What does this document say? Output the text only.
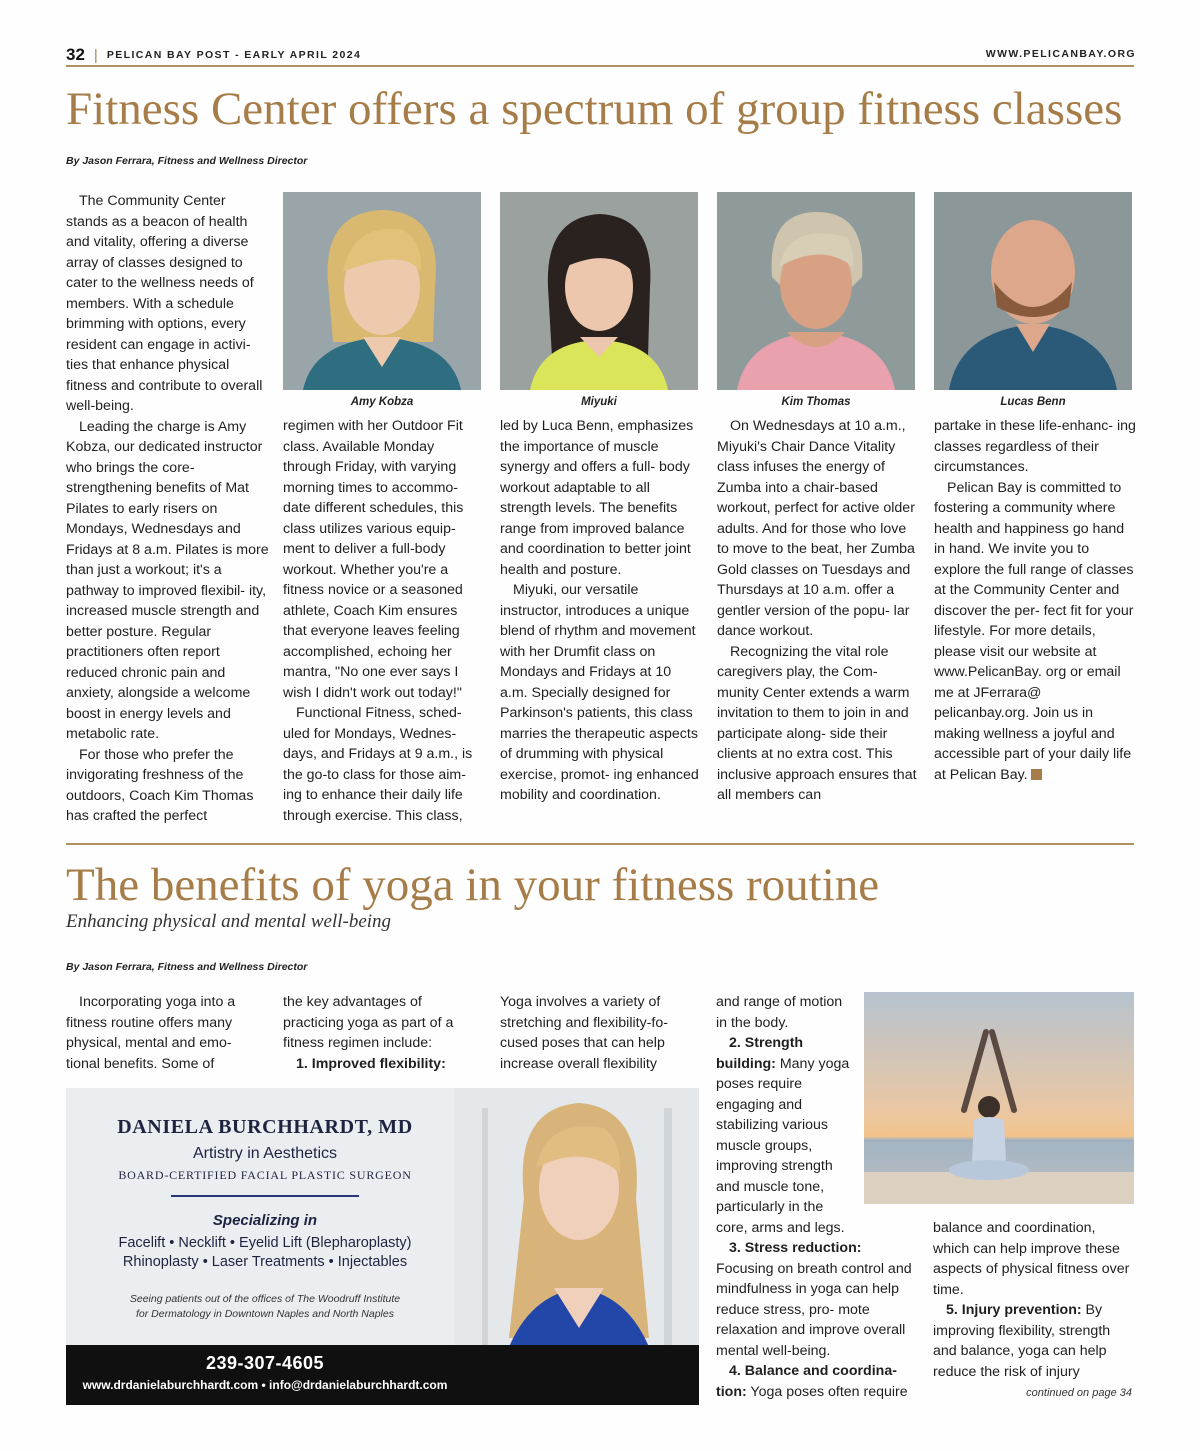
32 | PELICAN BAY POST - EARLY APRIL 2024	WWW.PELICANBAY.ORG
Fitness Center offers a spectrum of group fitness classes
By Jason Ferrara, Fitness and Wellness Director

The Community Center stands as a beacon of health and vitality, offering a diverse array of classes designed to cater to the wellness needs of members. With a schedule brimming with options, every resident can engage in activi- ties that enhance physical fitness and contribute to overall well-being.

Leading the charge is Amy Kobza, our dedicated instructor who brings the core-strengthening benefits of Mat Pilates to early risers on Mondays, Wednesdays and Fridays at 8 a.m. Pilates is more than just a workout; it's a pathway to improved flexibil- ity, increased muscle strength and better posture. Regular practitioners often report reduced chronic pain and anxiety, alongside a welcome boost in energy levels and metabolic rate.

For those who prefer the invigorating freshness of the outdoors, Coach Kim Thomas has crafted the perfect

Amy Kobza	Miyuki	Kim Thomas	Lucas Benn

regimen with her Outdoor Fit class. Available Monday through Friday, with varying morning times to accommo- date different schedules, this class utilizes various equip- ment to deliver a full-body workout. Whether you're a fitness novice or a seasoned athlete, Coach Kim ensures that everyone leaves feeling accomplished, echoing her mantra, "No one ever says I wish I didn't work out today!"

Functional Fitness, sched- uled for Mondays, Wednes- days, and Fridays at 9 a.m., is the go-to class for those aim- ing to enhance their daily life through exercise. This class,

led by Luca Benn, emphasizes the importance of muscle synergy and offers a full- body workout adaptable to all strength levels. The benefits range from improved balance and coordination to better joint health and posture.

Miyuki, our versatile instructor, introduces a unique blend of rhythm and movement with her Drumfit class on Mondays and Fridays at 10 a.m. Specially designed for Parkinson's patients, this class marries the therapeutic aspects of drumming with physical exercise, promot- ing enhanced mobility and coordination.

On Wednesdays at 10 a.m., Miyuki's Chair Dance Vitality class infuses the energy of Zumba into a chair-based workout, perfect for active older adults. And for those who love to move to the beat, her Zumba Gold classes on Tuesdays and Thursdays at 10 a.m. offer a gentler version of the popu- lar dance workout.

Recognizing the vital role caregivers play, the Com- munity Center extends a warm invitation to them to join in and participate along- side their clients at no extra cost. This inclusive approach ensures that all members can

partake in these life-enhanc- ing classes regardless of their circumstances.

Pelican Bay is committed to fostering a community where health and happiness go hand in hand. We invite you to explore the full range of classes at the Community Center and discover the per- fect fit for your lifestyle. For more details, please visit our website at www.PelicanBay. org or email me at JFerrara@ pelicanbay.org. Join us in making wellness a joyful and accessible part of your daily life at Pelican Bay.

The benefits of yoga in your fitness routine
Enhancing physical and mental well-being
By Jason Ferrara, Fitness and Wellness Director

Incorporating yoga into a fitness routine offers many physical, mental and emo- tional benefits. Some of

the key advantages of practicing yoga as part of a fitness regimen include:

1. Improved flexibility:

Yoga involves a variety of stretching and flexibility-fo- cused poses that can help increase overall flexibility

and range of motion in the body.

2. Strength building: Many yoga poses require engaging and stabilizing various muscle groups, improving strength and muscle tone, particularly in the core, arms and legs.

3. Stress reduction: Focusing on breath control and mindfulness in yoga can help reduce stress, pro- mote relaxation and improve overall mental well-being.

4. Balance and coordina- tion: Yoga poses often require

balance and coordination, which can help improve these aspects of physical fitness over time.

5. Injury prevention: By improving flexibility, strength and balance, yoga can help reduce the risk of injury

continued on page 34
DANIELA BURCHHARDT, MD
Artistry in Aesthetics
BOARD-CERTIFIED FACIAL PLASTIC SURGEON
Specializing in
Facelift • Necklift • Eyelid Lift (Blepharoplasty)
Rhinoplasty • Laser Treatments • Injectables
Seeing patients out of the offices of The Woodruff Institute
for Dermatology in Downtown Naples and North Naples
239-307-4605
www.drdanielaburchhardt.com • info@drdanielaburchhardt.com
